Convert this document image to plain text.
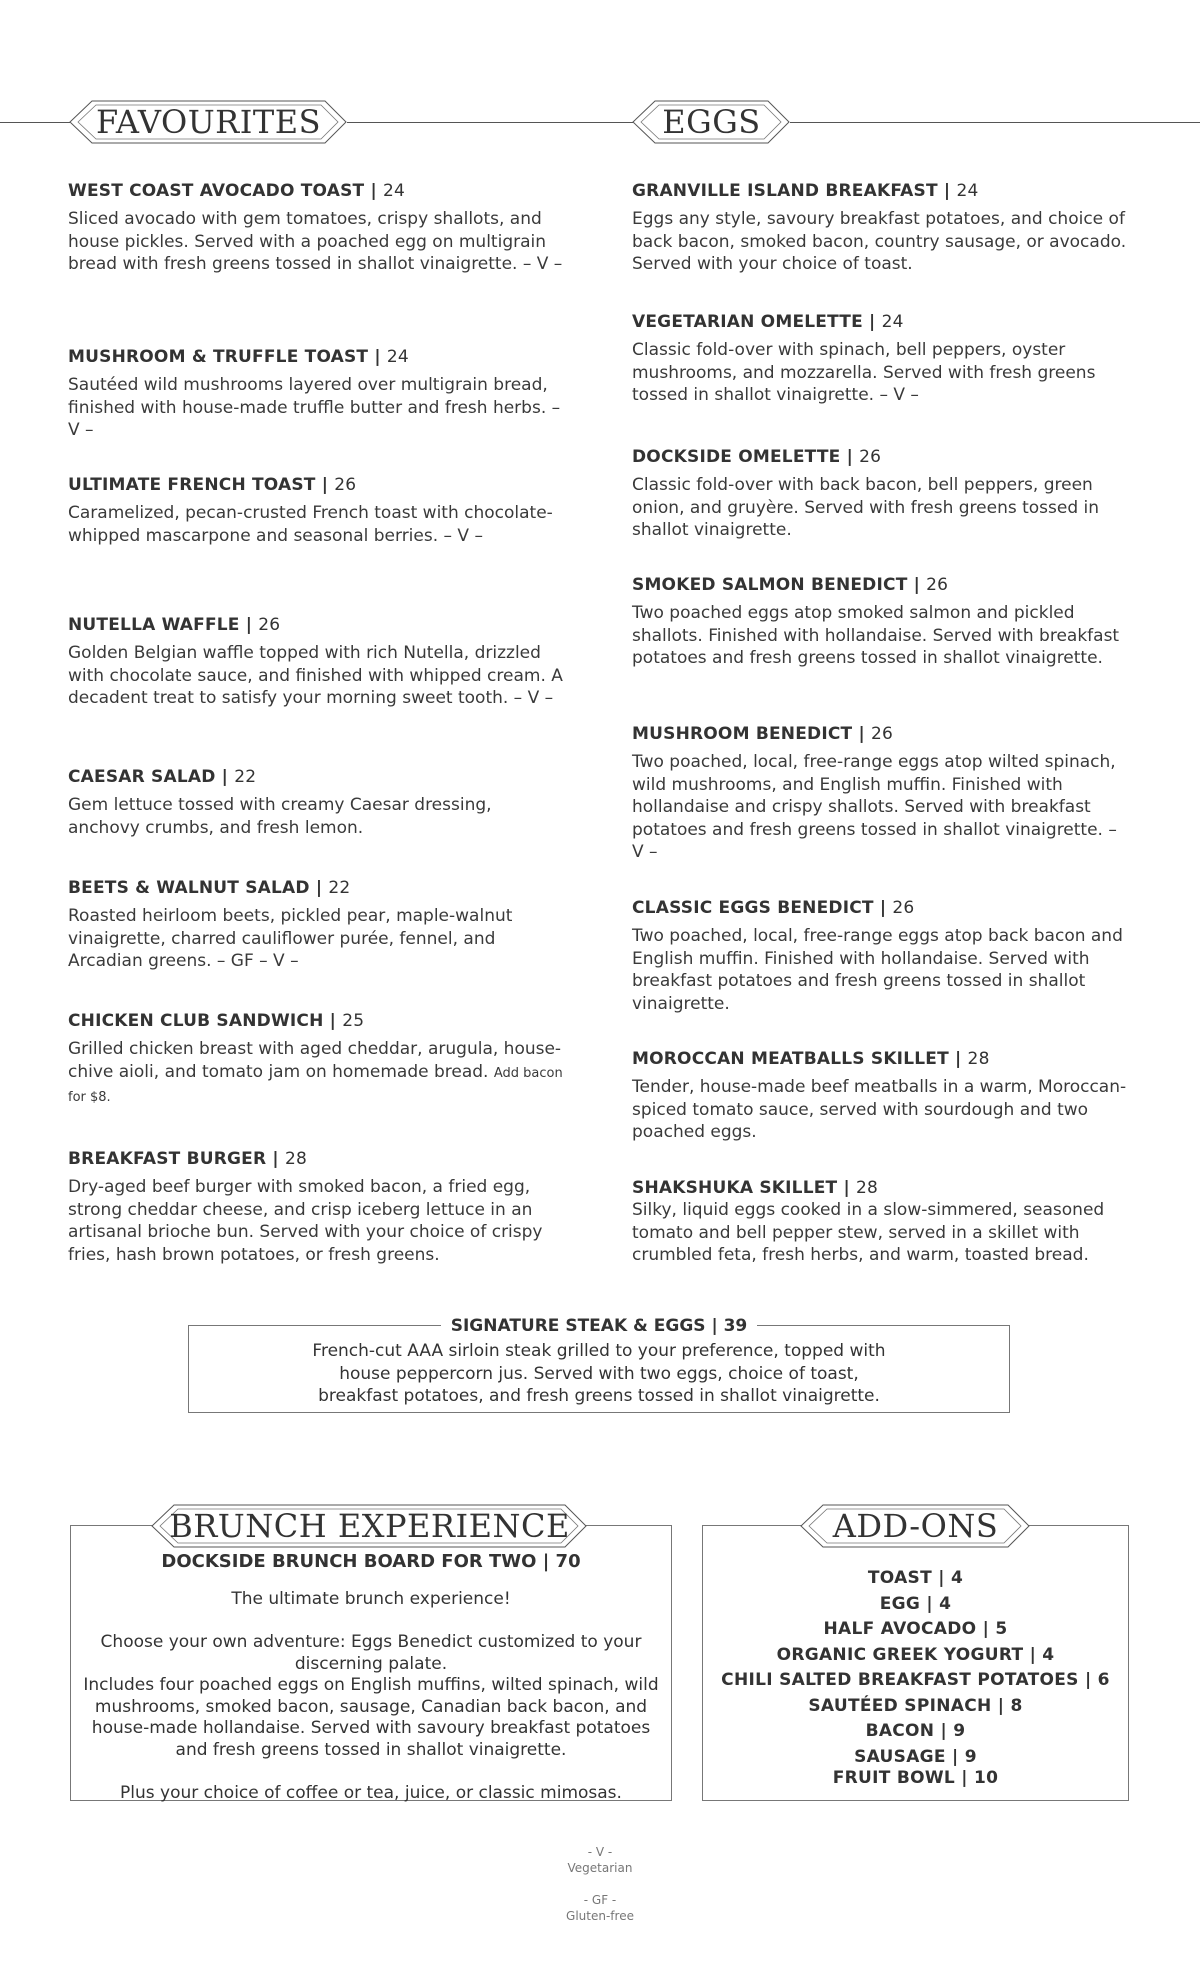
FAVOURITES	EGGS
WEST COAST AVOCADO TOAST | 24
Sliced avocado with gem tomatoes, crispy shallots, and house pickles. Served with a poached egg on multigrain bread with fresh greens tossed in shallot vinaigrette. – V –
MUSHROOM & TRUFFLE TOAST | 24
Sautéed wild mushrooms layered over multigrain bread, finished with house-made truffle butter and fresh herbs. – V –
ULTIMATE FRENCH TOAST | 26
Caramelized, pecan-crusted French toast with chocolate-whipped mascarpone and seasonal berries. – V –
NUTELLA WAFFLE | 26
Golden Belgian waffle topped with rich Nutella, drizzled with chocolate sauce, and finished with whipped cream. A decadent treat to satisfy your morning sweet tooth. – V –
CAESAR SALAD | 22
Gem lettuce tossed with creamy Caesar dressing, anchovy crumbs, and fresh lemon.
BEETS & WALNUT SALAD | 22
Roasted heirloom beets, pickled pear, maple-walnut vinaigrette, charred cauliflower purée, fennel, and Arcadian greens. – GF – V –
CHICKEN CLUB SANDWICH | 25
Grilled chicken breast with aged cheddar, arugula, house-chive aioli, and tomato jam on homemade bread. Add bacon for $8.
BREAKFAST BURGER | 28
Dry-aged beef burger with smoked bacon, a fried egg, strong cheddar cheese, and crisp iceberg lettuce in an artisanal brioche bun. Served with your choice of crispy fries, hash brown potatoes, or fresh greens.
GRANVILLE ISLAND BREAKFAST | 24
Eggs any style, savoury breakfast potatoes, and choice of back bacon, smoked bacon, country sausage, or avocado. Served with your choice of toast.
VEGETARIAN OMELETTE | 24
Classic fold-over with spinach, bell peppers, oyster mushrooms, and mozzarella. Served with fresh greens tossed in shallot vinaigrette. – V –
DOCKSIDE OMELETTE | 26
Classic fold-over with back bacon, bell peppers, green onion, and gruyère. Served with fresh greens tossed in shallot vinaigrette.
SMOKED SALMON BENEDICT | 26
Two poached eggs atop smoked salmon and pickled shallots. Finished with hollandaise. Served with breakfast potatoes and fresh greens tossed in shallot vinaigrette.
MUSHROOM BENEDICT | 26
Two poached, local, free-range eggs atop wilted spinach, wild mushrooms, and English muffin. Finished with hollandaise and crispy shallots. Served with breakfast potatoes and fresh greens tossed in shallot vinaigrette. – V –
CLASSIC EGGS BENEDICT | 26
Two poached, local, free-range eggs atop back bacon and English muffin. Finished with hollandaise. Served with breakfast potatoes and fresh greens tossed in shallot vinaigrette.
MOROCCAN MEATBALLS SKILLET | 28
Tender, house-made beef meatballs in a warm, Moroccan-spiced tomato sauce, served with sourdough and two poached eggs.
SHAKSHUKA SKILLET | 28
Silky, liquid eggs cooked in a slow-simmered, seasoned tomato and bell pepper stew, served in a skillet with crumbled feta, fresh herbs, and warm, toasted bread.
SIGNATURE STEAK & EGGS | 39
French-cut AAA sirloin steak grilled to your preference, topped with
house peppercorn jus. Served with two eggs, choice of toast,
breakfast potatoes, and fresh greens tossed in shallot vinaigrette.
DOCKSIDE BRUNCH BOARD FOR TWO | 70

The ultimate brunch experience!

Choose your own adventure: Eggs Benedict customized to your discerning palate.

Includes four poached eggs on English muffins, wilted spinach, wild mushrooms, smoked bacon, sausage, Canadian back bacon, and house-made hollandaise. Served with savoury breakfast potatoes and fresh greens tossed in shallot vinaigrette.

Plus your choice of coffee or tea, juice, or classic mimosas.

BRUNCH EXPERIENCE
TOAST | 4
EGG | 4
HALF AVOCADO | 5
ORGANIC GREEK YOGURT | 4
CHILI SALTED BREAKFAST POTATOES | 6
SAUTÉED SPINACH | 8
BACON | 9
SAUSAGE | 9
FRUIT BOWL | 10
ADD-ONS
- V -
Vegetarian
- GF -
Gluten-free
